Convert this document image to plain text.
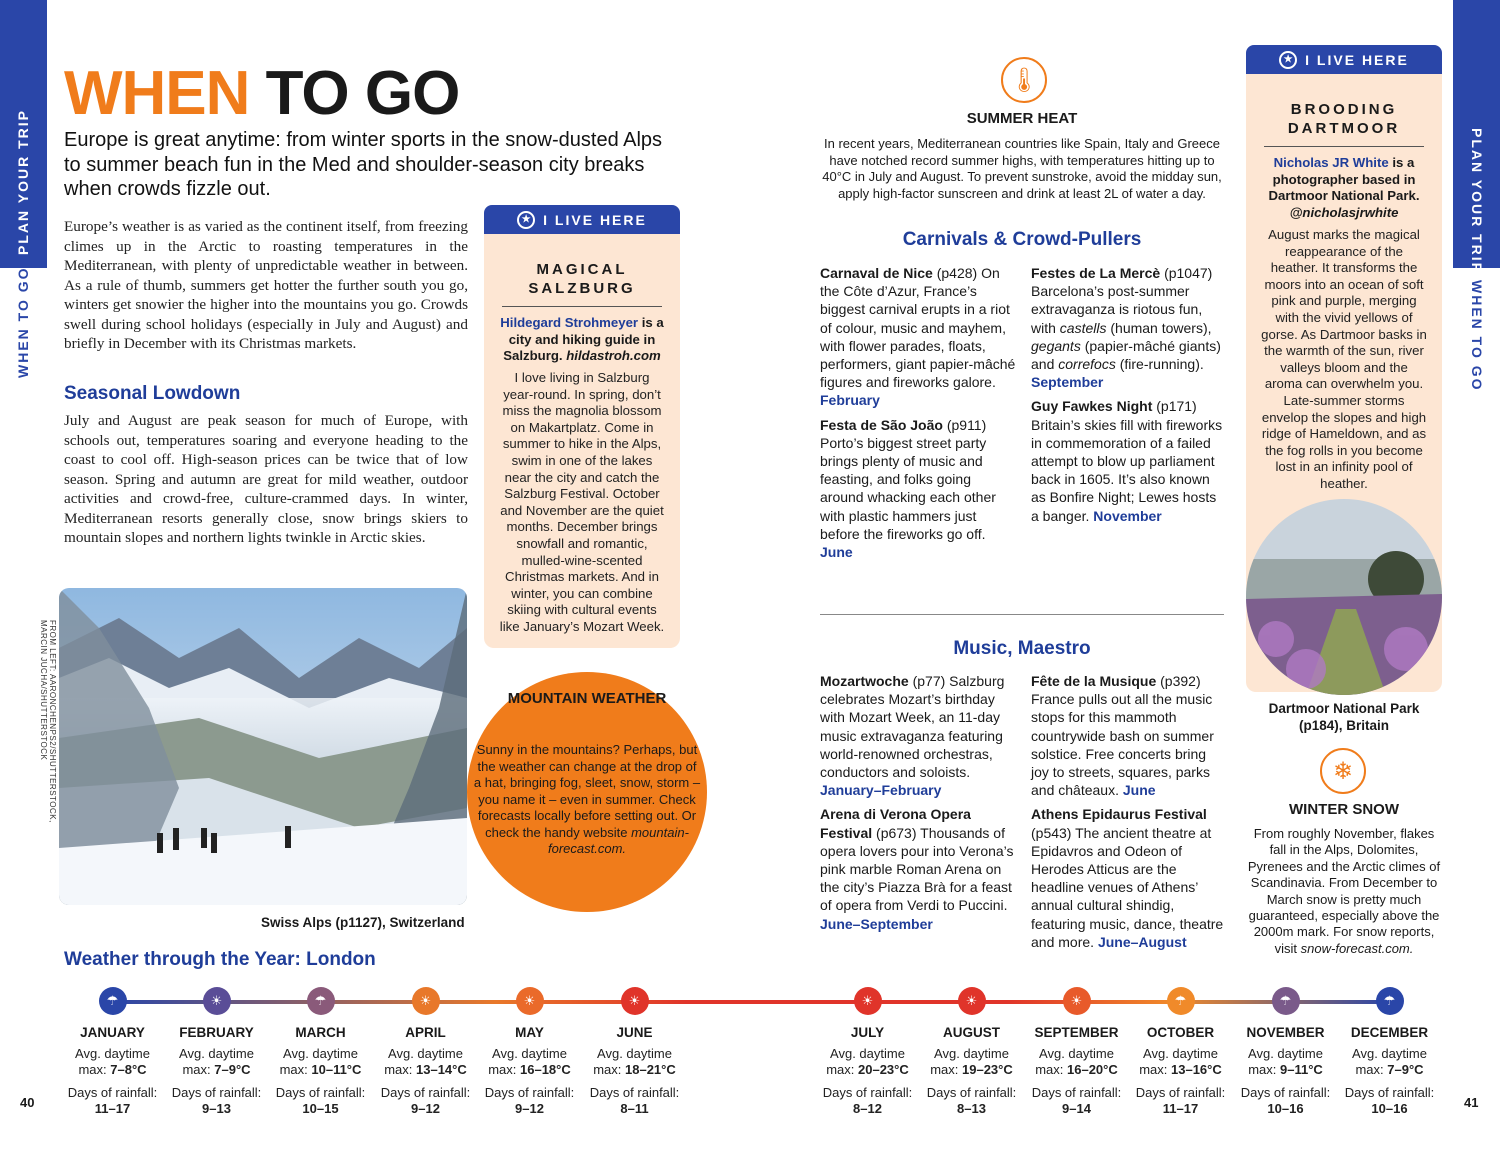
PLAN YOUR TRIP
WHEN TO GO
PLAN YOUR TRIP
WHEN TO GO
40	41
WHEN TO GO
Europe is great anytime: from winter sports in the snow-dusted Alps to summer beach fun in the Med and shoulder-season city breaks when crowds fizzle out.
Europe’s weather is as varied as the continent itself, from freezing climes up in the Arctic to roasting temperatures in the Mediterranean, with plenty of unpredictable weather in between. As a rule of thumb, summers get hotter the further south you go, winters get snowier the higher into the mountains you go. Crowds swell during school holidays (especially in July and August) and briefly in December with its Christmas markets.
Seasonal Lowdown
July and August are peak season for much of Europe, with schools out, temperatures soaring and everyone heading to the coast to cool off. High-season prices can be twice that of low season. Spring and autumn are great for mild weather, outdoor activities and crowd-free, culture-crammed days. In winter, Mediterranean resorts generally close, snow brings skiers to mountain slopes and northern lights twinkle in Arctic skies.
★ I LIVE HERE
MAGICAL SALZBURG
Hildegard Strohmeyer is a city and hiking guide in Salzburg. hildastroh.com
I love living in Salzburg year-round. In spring, don’t miss the magnolia blossom on Makartplatz. Come in summer to hike in the Alps, swim in one of the lakes near the city and catch the Salzburg Festival. October and November are the quiet months. December brings snowfall and romantic, mulled-wine-scented Christmas markets. And in winter, you can combine skiing with cultural events like January’s Mozart Week.
FROM LEFT: AARONCHENPS2/SHUTTERSTOCK,
MARCIN JUCHA/SHUTTERSTOCK
Swiss Alps (p1127), Switzerland
MOUNTAIN WEATHER
Sunny in the mountains? Perhaps, but the weather can change at the drop of a hat, bringing fog, sleet, snow, storm – you name it – even in summer. Check forecasts locally before setting out. Or check the handy website mountain-forecast.com.
🌡
SUMMER HEAT
In recent years, Mediterranean countries like Spain, Italy and Greece have notched record summer highs, with temperatures hitting up to 40°C in July and August. To prevent sunstroke, avoid the midday sun, apply high-factor sunscreen and drink at least 2L of water a day.
Carnivals & Crowd-Pullers

Carnaval de Nice (p428) On the Côte d’Azur, France’s biggest carnival erupts in a riot of colour, music and mayhem, with flower parades, floats, performers, giant papier-mâché figures and fireworks galore. February

Festa de São João (p911) Porto’s biggest street party brings plenty of music and feasting, and folks going around whacking each other with plastic hammers just before the fireworks go off. June

Festes de La Mercè (p1047) Barcelona’s post-summer extravaganza is riotous fun, with castells (human towers), gegants (papier-mâché giants) and correfocs (fire-running). September

Guy Fawkes Night (p171) Britain’s skies fill with fireworks in commemoration of a failed attempt to blow up parliament back in 1605. It’s also known as Bonfire Night; Lewes hosts a banger. November

Music, Maestro

Mozartwoche (p77) Salzburg celebrates Mozart’s birthday with Mozart Week, an 11-day music extravaganza featuring world-renowned orchestras, conductors and soloists. January–February

Arena di Verona Opera Festival (p673) Thousands of opera lovers pour into Verona’s pink marble Roman Arena on the city’s Piazza Brà for a feast of opera from Verdi to Puccini. June–September

Fête de la Musique (p392) France pulls out all the music stops for this mammoth countrywide bash on summer solstice. Free concerts bring joy to streets, squares, parks and châteaux. June

Athens Epidaurus Festival (p543) The ancient theatre at Epidavros and Odeon of Herodes Atticus are the headline venues of Athens’ annual cultural shindig, featuring music, dance, theatre and more. June–August

★ I LIVE HERE
BROODING DARTMOOR
Nicholas JR White is a photographer based in Dartmoor National Park. @nicholasjrwhite
August marks the magical reappearance of the heather. It transforms the moors into an ocean of soft pink and purple, merging with the vivid yellows of gorse. As Dartmoor basks in the warmth of the sun, river valleys bloom and the aroma can overwhelm you. Late-summer storms envelop the slopes and high ridge of Hameldown, and as the fog rolls in you become lost in an infinity pool of heather.
Dartmoor National Park (p184), Britain
❄
WINTER SNOW
From roughly November, flakes fall in the Alps, Dolomites, Pyrenees and the Arctic climes of Scandinavia. From December to March snow is pretty much guaranteed, especially above the 2000m mark. For snow reports, visit snow-forecast.com.
Weather through the Year: London
☂
JANUARY
Avg. daytime
max: 7–8°C
Days of rainfall:
11–17
☀
FEBRUARY
Avg. daytime
max: 7–9°C
Days of rainfall:
9–13
☂
MARCH
Avg. daytime
max: 10–11°C
Days of rainfall:
10–15
☀
APRIL
Avg. daytime
max: 13–14°C
Days of rainfall:
9–12
☀
MAY
Avg. daytime
max: 16–18°C
Days of rainfall:
9–12
☀
JUNE
Avg. daytime
max: 18–21°C
Days of rainfall:
8–11
☀
JULY
Avg. daytime
max: 20–23°C
Days of rainfall:
8–12
☀
AUGUST
Avg. daytime
max: 19–23°C
Days of rainfall:
8–13
☀
SEPTEMBER
Avg. daytime
max: 16–20°C
Days of rainfall:
9–14
☂
OCTOBER
Avg. daytime
max: 13–16°C
Days of rainfall:
11–17
☂
NOVEMBER
Avg. daytime
max: 9–11°C
Days of rainfall:
10–16
☂
DECEMBER
Avg. daytime
max: 7–9°C
Days of rainfall:
10–16
